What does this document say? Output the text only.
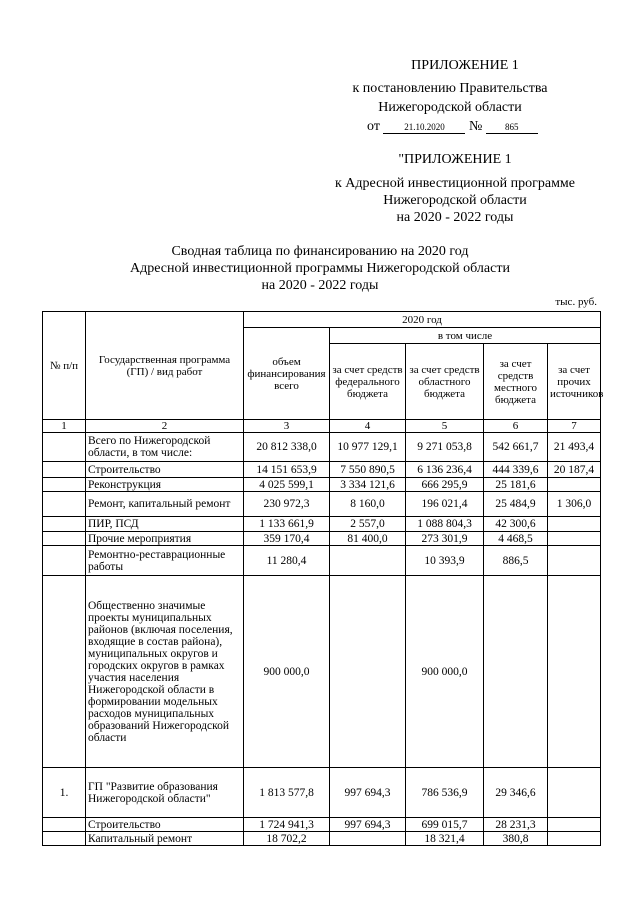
ПРИЛОЖЕНИЕ 1
к постановлению Правительства
Нижегородской области
от	21.10.2020 №	865
"ПРИЛОЖЕНИЕ 1
к Адресной инвестиционной программе
Нижегородской области
на 2020 - 2022 годы
Сводная таблица по финансированию на 2020 год
Адресной инвестиционной программы Нижегородской области
на 2020 - 2022 годы
тыс. руб.
№ п/п	Государственная программа (ГП) / вид работ	2020 год				
		объем финансирования всего	в том числе			
			за счет средств федерального бюджета	за счет средств областного бюджета	за счет средств местного бюджета	за счет прочих источников
1	2	3	4	5	6	7
	Всего по Нижегородской области, в том числе:	20 812 338,0	10 977 129,1	9 271 053,8	542 661,7	21 493,4
	Строительство	14 151 653,9	7 550 890,5	6 136 236,4	444 339,6	20 187,4
	Реконструкция	4 025 599,1	3 334 121,6	666 295,9	25 181,6	
	Ремонт, капитальный ремонт	230 972,3	8 160,0	196 021,4	25 484,9	1 306,0
	ПИР, ПСД	1 133 661,9	2 557,0	1 088 804,3	42 300,6	
	Прочие мероприятия	359 170,4	81 400,0	273 301,9	4 468,5	
	Ремонтно-реставрационные работы	11 280,4		10 393,9	886,5	
	Общественно значимые проекты муниципальных районов (включая поселения, входящие в состав района), муниципальных округов и городских округов в рамках участия населения Нижегородской области в формировании модельных расходов муниципальных образований Нижегородской области	900 000,0		900 000,0		
1.	ГП "Развитие образования Нижегородской области"	1 813 577,8	997 694,3	786 536,9	29 346,6	
	Строительство	1 724 941,3	997 694,3	699 015,7	28 231,3	
	Капитальный ремонт	18 702,2		18 321,4	380,8	
